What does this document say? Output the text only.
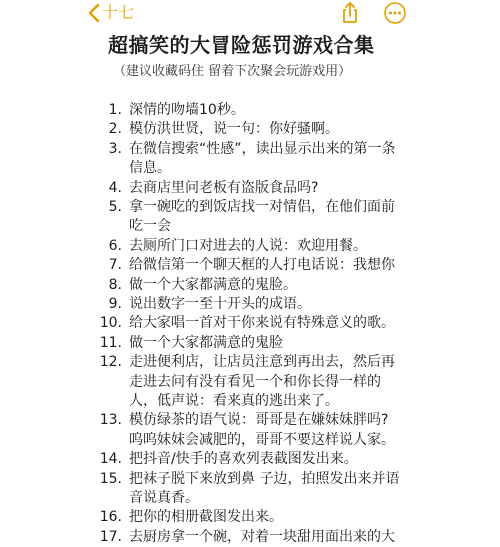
十七
超搞笑的大冒险惩罚游戏合集
（建议收藏码住 留着下次聚会玩游戏用）
1. 深情的吻墙10秒。
2. 模仿洪世贤，说一句：你好骚啊。
3. 在微信搜索“性感”，读出显示出来的第一条
信息。
4. 去商店里问老板有盗版食品吗?
5. 拿一碗吃的到饭店找一对情侣，在他们面前
吃一会
6. 去厕所门口对进去的人说：欢迎用餐。
7. 给微信第一个聊天框的人打电话说：我想你
8. 做一个大家都满意的鬼脸。
9. 说出数字一至十开头的成语。
10. 给大家唱一首对干你来说有特殊意义的歌。
11. 做一个大家都满意的鬼脸
12. 走进便利店，让店员注意到再出去，然后再
走进去问有没有看见一个和你长得一样的
人，低声说：看来真的逃出来了。
13. 模仿绿茶的语气说：哥哥是在嫌妹妹胖吗?
呜呜妹妹会减肥的，哥哥不要这样说人家。
14. 把抖音/快手的喜欢列表截图发出来。
15. 把袜子脱下来放到鼻 子边，拍照发出来并语
音说真香。
16. 把你的相册截图发出来。
17. 去厨房拿一个碗，对着一块甜用面出来的大
